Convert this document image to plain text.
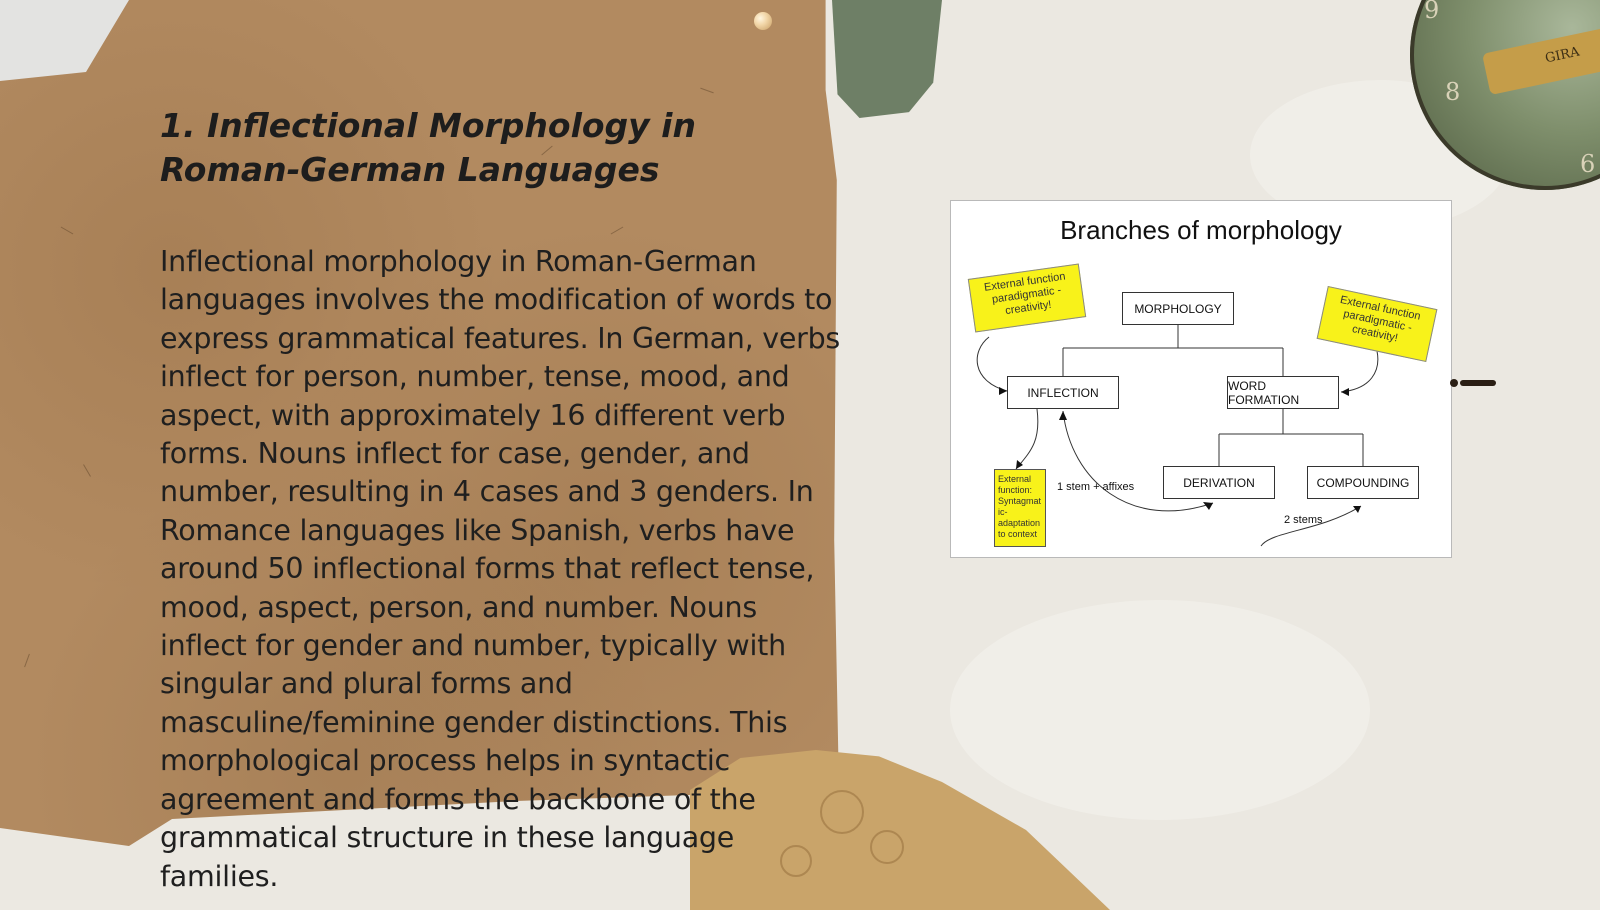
9
8
6
GIRA
1. Inflectional Morphology in Roman-German Languages

Inflectional morphology in Roman-German languages involves the modification of words to express grammatical features. In German, verbs inflect for person, number, tense, mood, and aspect, with approximately 16 different verb forms. Nouns inflect for case, gender, and number, resulting in 4 cases and 3 genders. In Romance languages like Spanish, verbs have around 50 inflectional forms that reflect tense, mood, aspect, person, and number. Nouns inflect for gender and number, typically with singular and plural forms and masculine/feminine gender distinctions. This morphological process helps in syntactic agreement and forms the backbone of the grammatical structure in these language families.

Branches of morphology
MORPHOLOGY
INFLECTION	WORD FORMATION
DERIVATION	COMPOUNDING
External function paradigmatic - creativity!	External function paradigmatic - creativity!
External function: Syntagmat ic-adaptation to context
1 stem + affixes
2 stems
